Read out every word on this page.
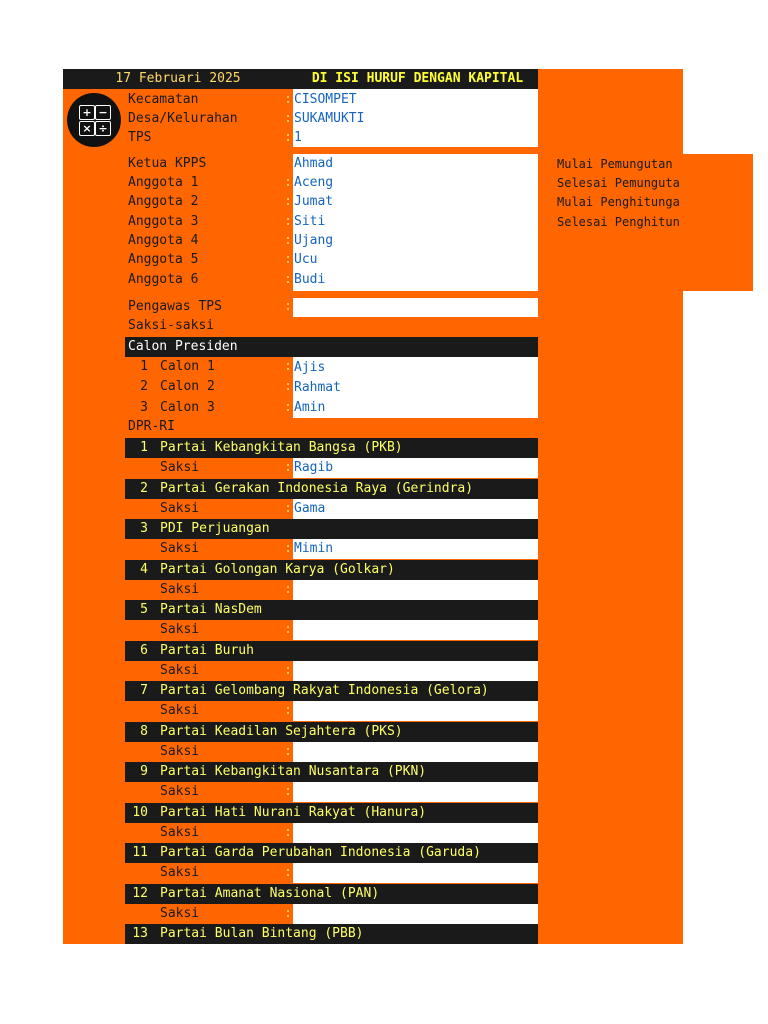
17 Februari 2025	DI ISI HURUF DENGAN KAPITAL
+ −
× ÷
Kecamatan	: CISOMPET
Desa/Kelurahan	: SUKAMUKTI
TPS	: 1
Ketua KPPS	Ahmad
Anggota 1	: Aceng
Anggota 2	: Jumat
Anggota 3	: Siti
Anggota 4	: Ujang
Anggota 5	: Ucu
Anggota 6	: Budi
Mulai Pemungutan
Selesai Pemunguta
Mulai Penghitunga
Selesai Penghitun
Pengawas TPS	:
Saksi-saksi
Calon Presiden
1 Calon 1	: Ajis
2 Calon 2	: Rahmat
3 Calon 3	: Amin
DPR-RI
1 Partai Kebangkitan Bangsa (PKB)
Saksi	: Ragib
2 Partai Gerakan Indonesia Raya (Gerindra)
Saksi	: Gama
3 PDI Perjuangan
Saksi	: Mimin
4 Partai Golongan Karya (Golkar)
Saksi	:
5 Partai NasDem
Saksi	:
6 Partai Buruh
Saksi	:
7 Partai Gelombang Rakyat Indonesia (Gelora)
Saksi	:
8 Partai Keadilan Sejahtera (PKS)
Saksi	:
9 Partai Kebangkitan Nusantara (PKN)
Saksi	:
10 Partai Hati Nurani Rakyat (Hanura)
Saksi	:
11 Partai Garda Perubahan Indonesia (Garuda)
Saksi	:
12 Partai Amanat Nasional (PAN)
Saksi	:
13 Partai Bulan Bintang (PBB)
